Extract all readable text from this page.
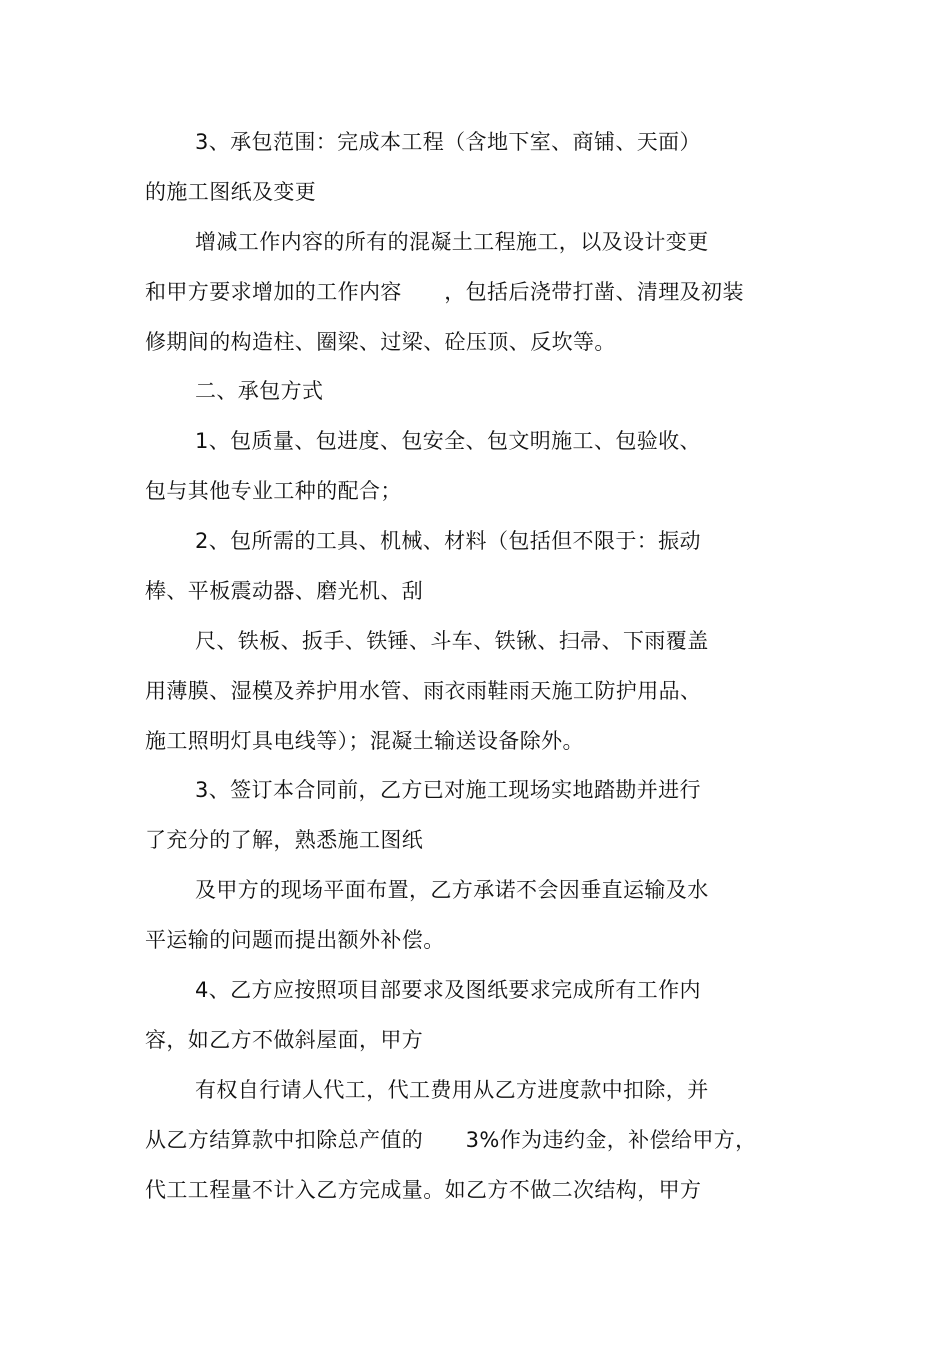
3、承包范围：完成本工程（含地下室、商铺、天面）
的施工图纸及变更
增减工作内容的所有的混凝土工程施工，以及设计变更
和甲方要求增加的工作内容      ，包括后浇带打凿、清理及初装
修期间的构造柱、圈梁、过梁、砼压顶、反坎等。
二、承包方式
1、包质量、包进度、包安全、包文明施工、包验收、
包与其他专业工种的配合；
2、包所需的工具、机械、材料（包括但不限于：振动
棒、平板震动器、磨光机、刮
尺、铁板、扳手、铁锤、斗车、铁锹、扫帚、下雨覆盖
用薄膜、湿模及养护用水管、雨衣雨鞋雨天施工防护用品、
施工照明灯具电线等）；混凝土输送设备除外。
3、签订本合同前，乙方已对施工现场实地踏勘并进行
了充分的了解，熟悉施工图纸
及甲方的现场平面布置，乙方承诺不会因垂直运输及水
平运输的问题而提出额外补偿。
4、乙方应按照项目部要求及图纸要求完成所有工作内
容，如乙方不做斜屋面，甲方
有权自行请人代工，代工费用从乙方进度款中扣除，并
从乙方结算款中扣除总产值的      3%作为违约金，补偿给甲方，
代工工程量不计入乙方完成量。如乙方不做二次结构，甲方
